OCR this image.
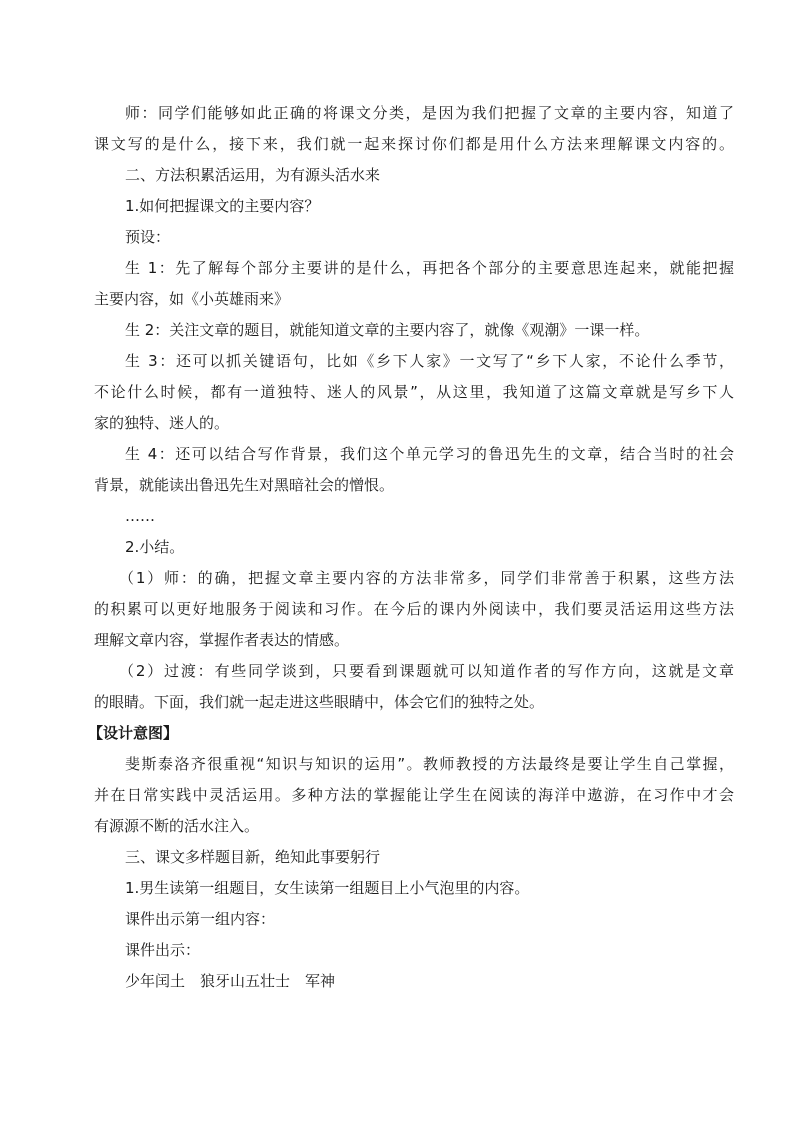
师：同学们能够如此正确的将课文分类，是因为我们把握了文章的主要内容，知道了
课文写的是什么，接下来，我们就一起来探讨你们都是用什么方法来理解课文内容的。
二、方法积累活运用，为有源头活水来
1.如何把握课文的主要内容？
预设：
生 1：先了解每个部分主要讲的是什么，再把各个部分的主要意思连起来，就能把握
主要内容，如《小英雄雨来》
生 2：关注文章的题目，就能知道文章的主要内容了，就像《观潮》一课一样。
生 3：还可以抓关键语句，比如《乡下人家》一文写了“乡下人家，不论什么季节，
不论什么时候，都有一道独特、迷人的风景”，从这里，我知道了这篇文章就是写乡下人
家的独特、迷人的。
生 4：还可以结合写作背景，我们这个单元学习的鲁迅先生的文章，结合当时的社会
背景，就能读出鲁迅先生对黑暗社会的憎恨。
……
2.小结。
（1）师：的确，把握文章主要内容的方法非常多，同学们非常善于积累，这些方法
的积累可以更好地服务于阅读和习作。在今后的课内外阅读中，我们要灵活运用这些方法
理解文章内容，掌握作者表达的情感。
（2）过渡：有些同学谈到，只要看到课题就可以知道作者的写作方向，这就是文章
的眼睛。下面，我们就一起走进这些眼睛中，体会它们的独特之处。
【设计意图】
斐斯泰洛齐很重视“知识与知识的运用”。教师教授的方法最终是要让学生自己掌握，
并在日常实践中灵活运用。多种方法的掌握能让学生在阅读的海洋中遨游，在习作中才会
有源源不断的活水注入。
三、课文多样题目新，绝知此事要躬行
1.男生读第一组题目，女生读第一组题目上小气泡里的内容。
课件出示第一组内容：
课件出示：
少年闰土　狼牙山五壮士　军神
